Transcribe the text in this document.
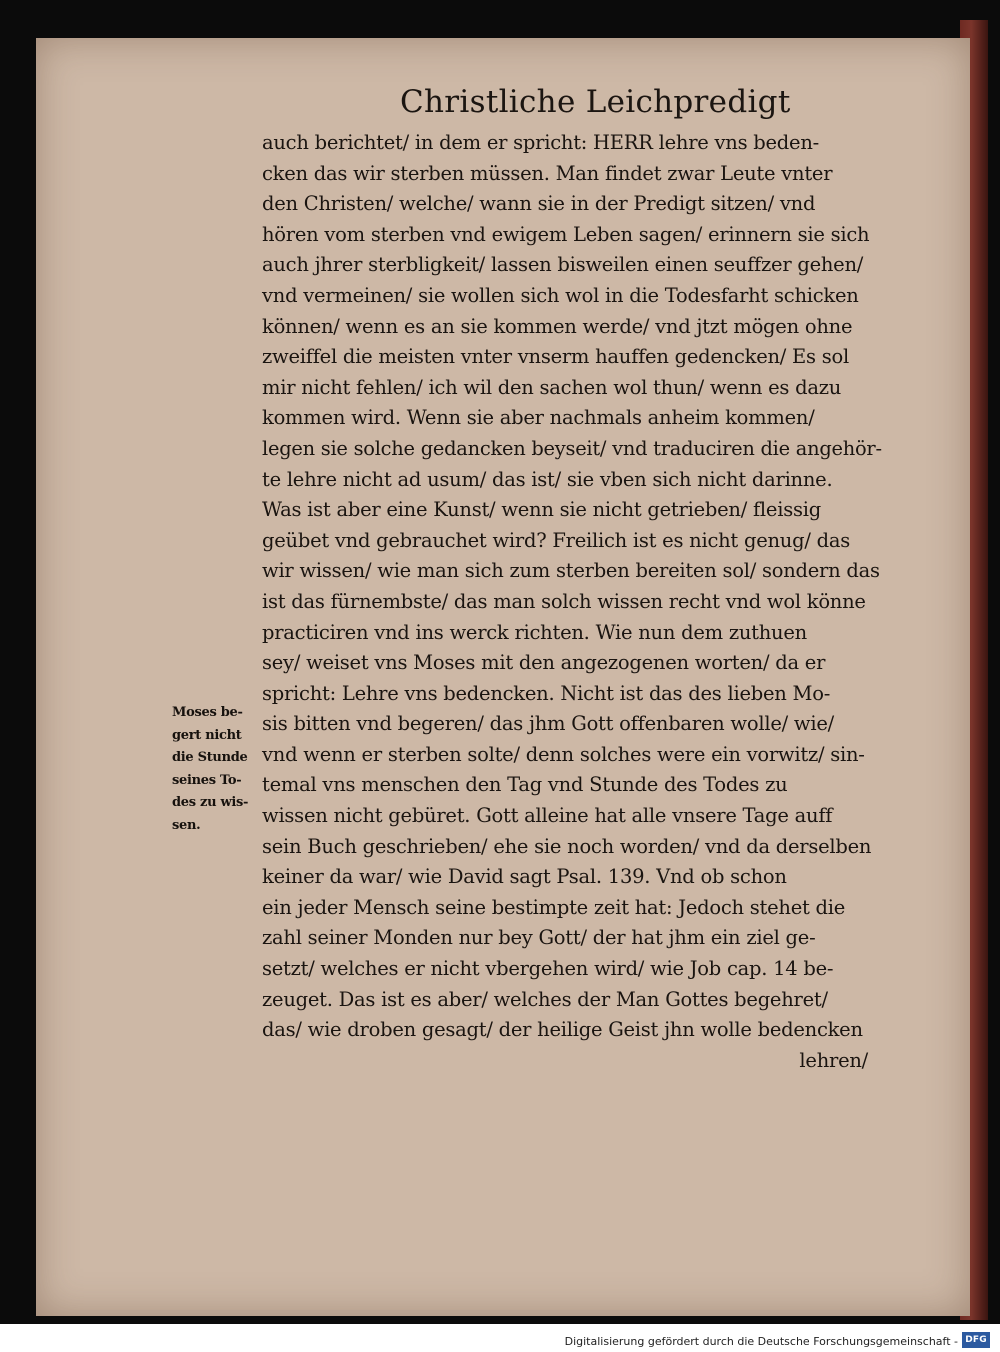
Christliche Leichpredigt
auch berichtet/ in dem er spricht: HERR lehre vns beden-
cken das wir sterben müssen. Man findet zwar Leute vnter
den Christen/ welche/ wann sie in der Predigt sitzen/ vnd
hören vom sterben vnd ewigem Leben sagen/ erinnern sie sich
auch jhrer sterbligkeit/ lassen bisweilen einen seuffzer gehen/
vnd vermeinen/ sie wollen sich wol in die Todesfarht schicken
können/ wenn es an sie kommen werde/ vnd jtzt mögen ohne
zweiffel die meisten vnter vnserm hauffen gedencken/ Es sol
mir nicht fehlen/ ich wil den sachen wol thun/ wenn es dazu
kommen wird. Wenn sie aber nachmals anheim kommen/
legen sie solche gedancken beyseit/ vnd traduciren die angehör-
te lehre nicht ad usum/ das ist/ sie vben sich nicht darinne.
Was ist aber eine Kunst/ wenn sie nicht getrieben/ fleissig
geübet vnd gebrauchet wird? Freilich ist es nicht genug/ das
wir wissen/ wie man sich zum sterben bereiten sol/ sondern das
ist das fürnembste/ das man solch wissen recht vnd wol könne
practiciren vnd ins werck richten. Wie nun dem zuthuen
sey/ weiset vns Moses mit den angezogenen worten/ da er
spricht: Lehre vns bedencken. Nicht ist das des lieben Mo-
sis bitten vnd begeren/ das jhm Gott offenbaren wolle/ wie/
vnd wenn er sterben solte/ denn solches were ein vorwitz/ sin-
temal vns menschen den Tag vnd Stunde des Todes zu
wissen nicht gebüret. Gott alleine hat alle vnsere Tage auff
sein Buch geschrieben/ ehe sie noch worden/ vnd da derselben
keiner da war/ wie David sagt Psal. 139. Vnd ob schon
ein jeder Mensch seine bestimpte zeit hat: Jedoch stehet die
zahl seiner Monden nur bey Gott/ der hat jhm ein ziel ge-
setzt/ welches er nicht vbergehen wird/ wie Job cap. 14 be-
zeuget. Das ist es aber/ welches der Man Gottes begehret/
das/ wie droben gesagt/ der heilige Geist jhn wolle bedencken
lehren/
Moses be-
gert nicht
die Stunde
seines To-
des zu wis-
sen.
Digitalisierung gefördert durch die Deutsche Forschungsgemeinschaft - DFG
